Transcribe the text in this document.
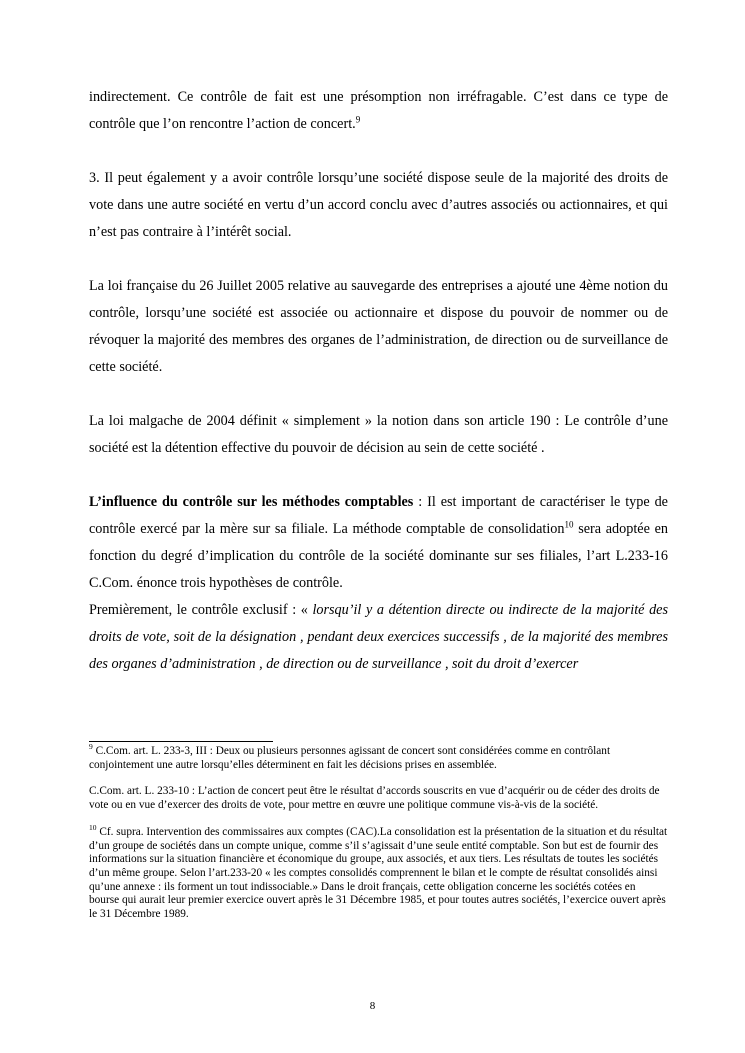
indirectement. Ce contrôle de fait est une présomption non irréfragable. C’est dans ce type de contrôle que l’on rencontre l’action de concert.$^9$

3. Il peut également y a avoir contrôle lorsqu’une société dispose seule de la majorité des droits de vote dans une autre société en vertu d’un accord conclu avec d’autres associés ou actionnaires, et qui n’est pas contraire à l’intérêt social.

La loi française du 26 Juillet 2005 relative au sauvegarde des entreprises a ajouté une 4ème notion du contrôle, lorsqu’une société est associée ou actionnaire et dispose du pouvoir de nommer ou de révoquer la majorité des membres des organes de l’administration, de direction ou de surveillance de cette société.

La loi malgache de 2004 définit « simplement » la notion dans son article 190 : Le contrôle d’une société est la détention effective du pouvoir de décision au sein de cette société .

L’influence du contrôle sur les méthodes comptables : Il est important de caractériser le type de contrôle exercé par la mère sur sa filiale. La méthode comptable de consolidation$^{10}$ sera adoptée en fonction du degré d’implication du contrôle de la société dominante sur ses filiales, l’art L.233-16 C.Com. énonce trois hypothèses de contrôle.

Premièrement, le contrôle exclusif : « lorsqu’il y a détention directe ou indirecte de la majorité des droits de vote, soit de la désignation , pendant deux exercices successifs , de la majorité des membres des organes d’administration , de direction ou de surveillance , soit du droit d’exercer

$^9$ C.Com. art. L. 233-3, III : Deux ou plusieurs personnes agissant de concert sont considérées comme en contrôlant conjointement une autre lorsqu’elles déterminent en fait les décisions prises en assemblée.

C.Com. art. L. 233-10 : L’action de concert peut être le résultat d’accords souscrits en vue d’acquérir ou de céder des droits de vote ou en vue d’exercer des droits de vote, pour mettre en œuvre une politique commune vis-à-vis de la société.

$^{10}$ Cf. supra. Intervention des commissaires aux comptes (CAC).La consolidation est la présentation de la situation et du résultat d’un groupe de sociétés dans un compte unique, comme s’il s’agissait d’une seule entité comptable. Son but est de fournir des informations sur la situation financière et économique du groupe, aux associés, et aux tiers. Les résultats de toutes les sociétés d’un même groupe. Selon l’art.233-20 « les comptes consolidés comprennent le bilan et le compte de résultat consolidés ainsi qu’une annexe : ils forment un tout indissociable.» Dans le droit français, cette obligation concerne les sociétés cotées en bourse qui aurait leur premier exercice ouvert après le 31 Décembre 1985, et pour toutes autres sociétés, l’exercice ouvert après le 31 Décembre 1989.

8
